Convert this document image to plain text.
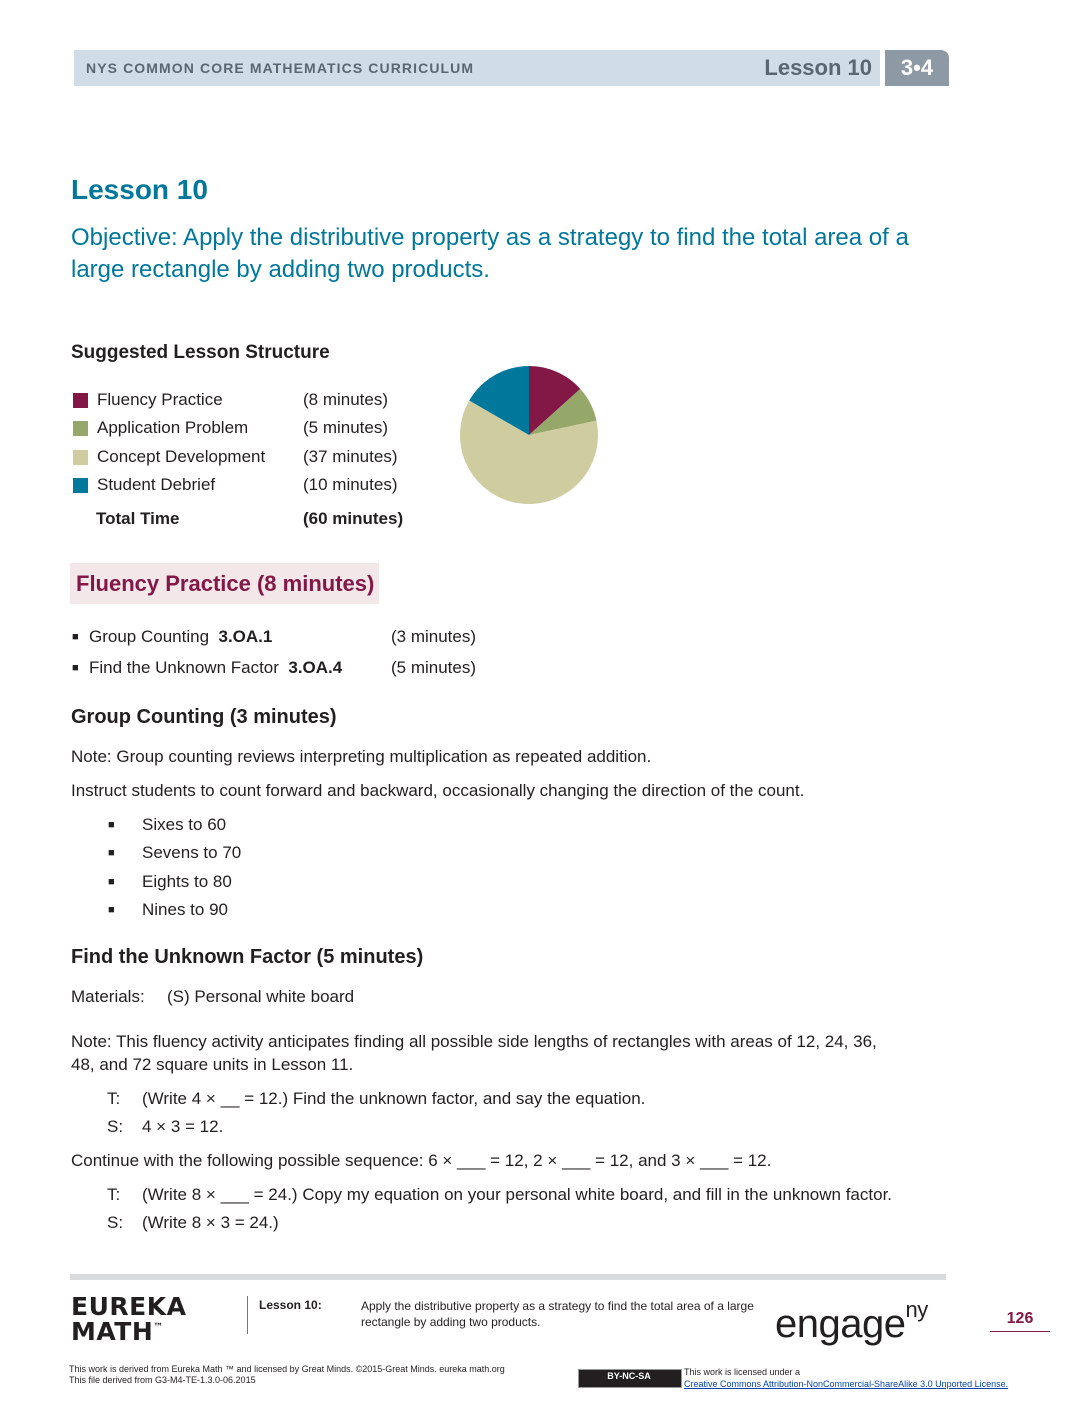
NYS COMMON CORE MATHEMATICS CURRICULUM	Lesson 10	3•4
Lesson 10
Objective: Apply the distributive property as a strategy to find the total area of a large rectangle by adding two products.
Suggested Lesson Structure
Fluency Practice	(8 minutes)
Application Problem	(5 minutes)
Concept Development (37 minutes)
Student Debrief	(10 minutes)
Total Time	(60 minutes)
Fluency Practice (8 minutes)
■ Group Counting 3.OA.1	(3 minutes)
■ Find the Unknown Factor 3.OA.4	(5 minutes)
Group Counting (3 minutes)
Note: Group counting reviews interpreting multiplication as repeated addition.
Instruct students to count forward and backward, occasionally changing the direction of the count.
■ Sixes to 60
■ Sevens to 70
■ Eights to 80
■ Nines to 90
Find the Unknown Factor (5 minutes)
Materials: (S) Personal white board
Note: This fluency activity anticipates finding all possible side lengths of rectangles with areas of 12, 24, 36,
48, and 72 square units in Lesson 11.
T: (Write 4 × __ = 12.) Find the unknown factor, and say the equation.
S: 4 × 3 = 12.
Continue with the following possible sequence: 6 × ___ = 12, 2 × ___ = 12, and 3 × ___ = 12.
T: (Write 8 × ___ = 24.) Copy my equation on your personal white board, and fill in the unknown factor.
S: (Write 8 × 3 = 24.)
EUREKA
MATH™
Lesson 10:	Apply the distributive property as a strategy to find the total area of a large rectangle by adding two products.	engage$^{ny}$	126
This work is derived from Eureka Math ™ and licensed by Great Minds. ©2015-Great Minds. eureka math.org
This file derived from G3-M4-TE-1.3.0-06.2015	BY-NC-SA	This work is licensed under a
Creative Commons Attribution-NonCommercial-ShareAlike 3.0 Unported License.
